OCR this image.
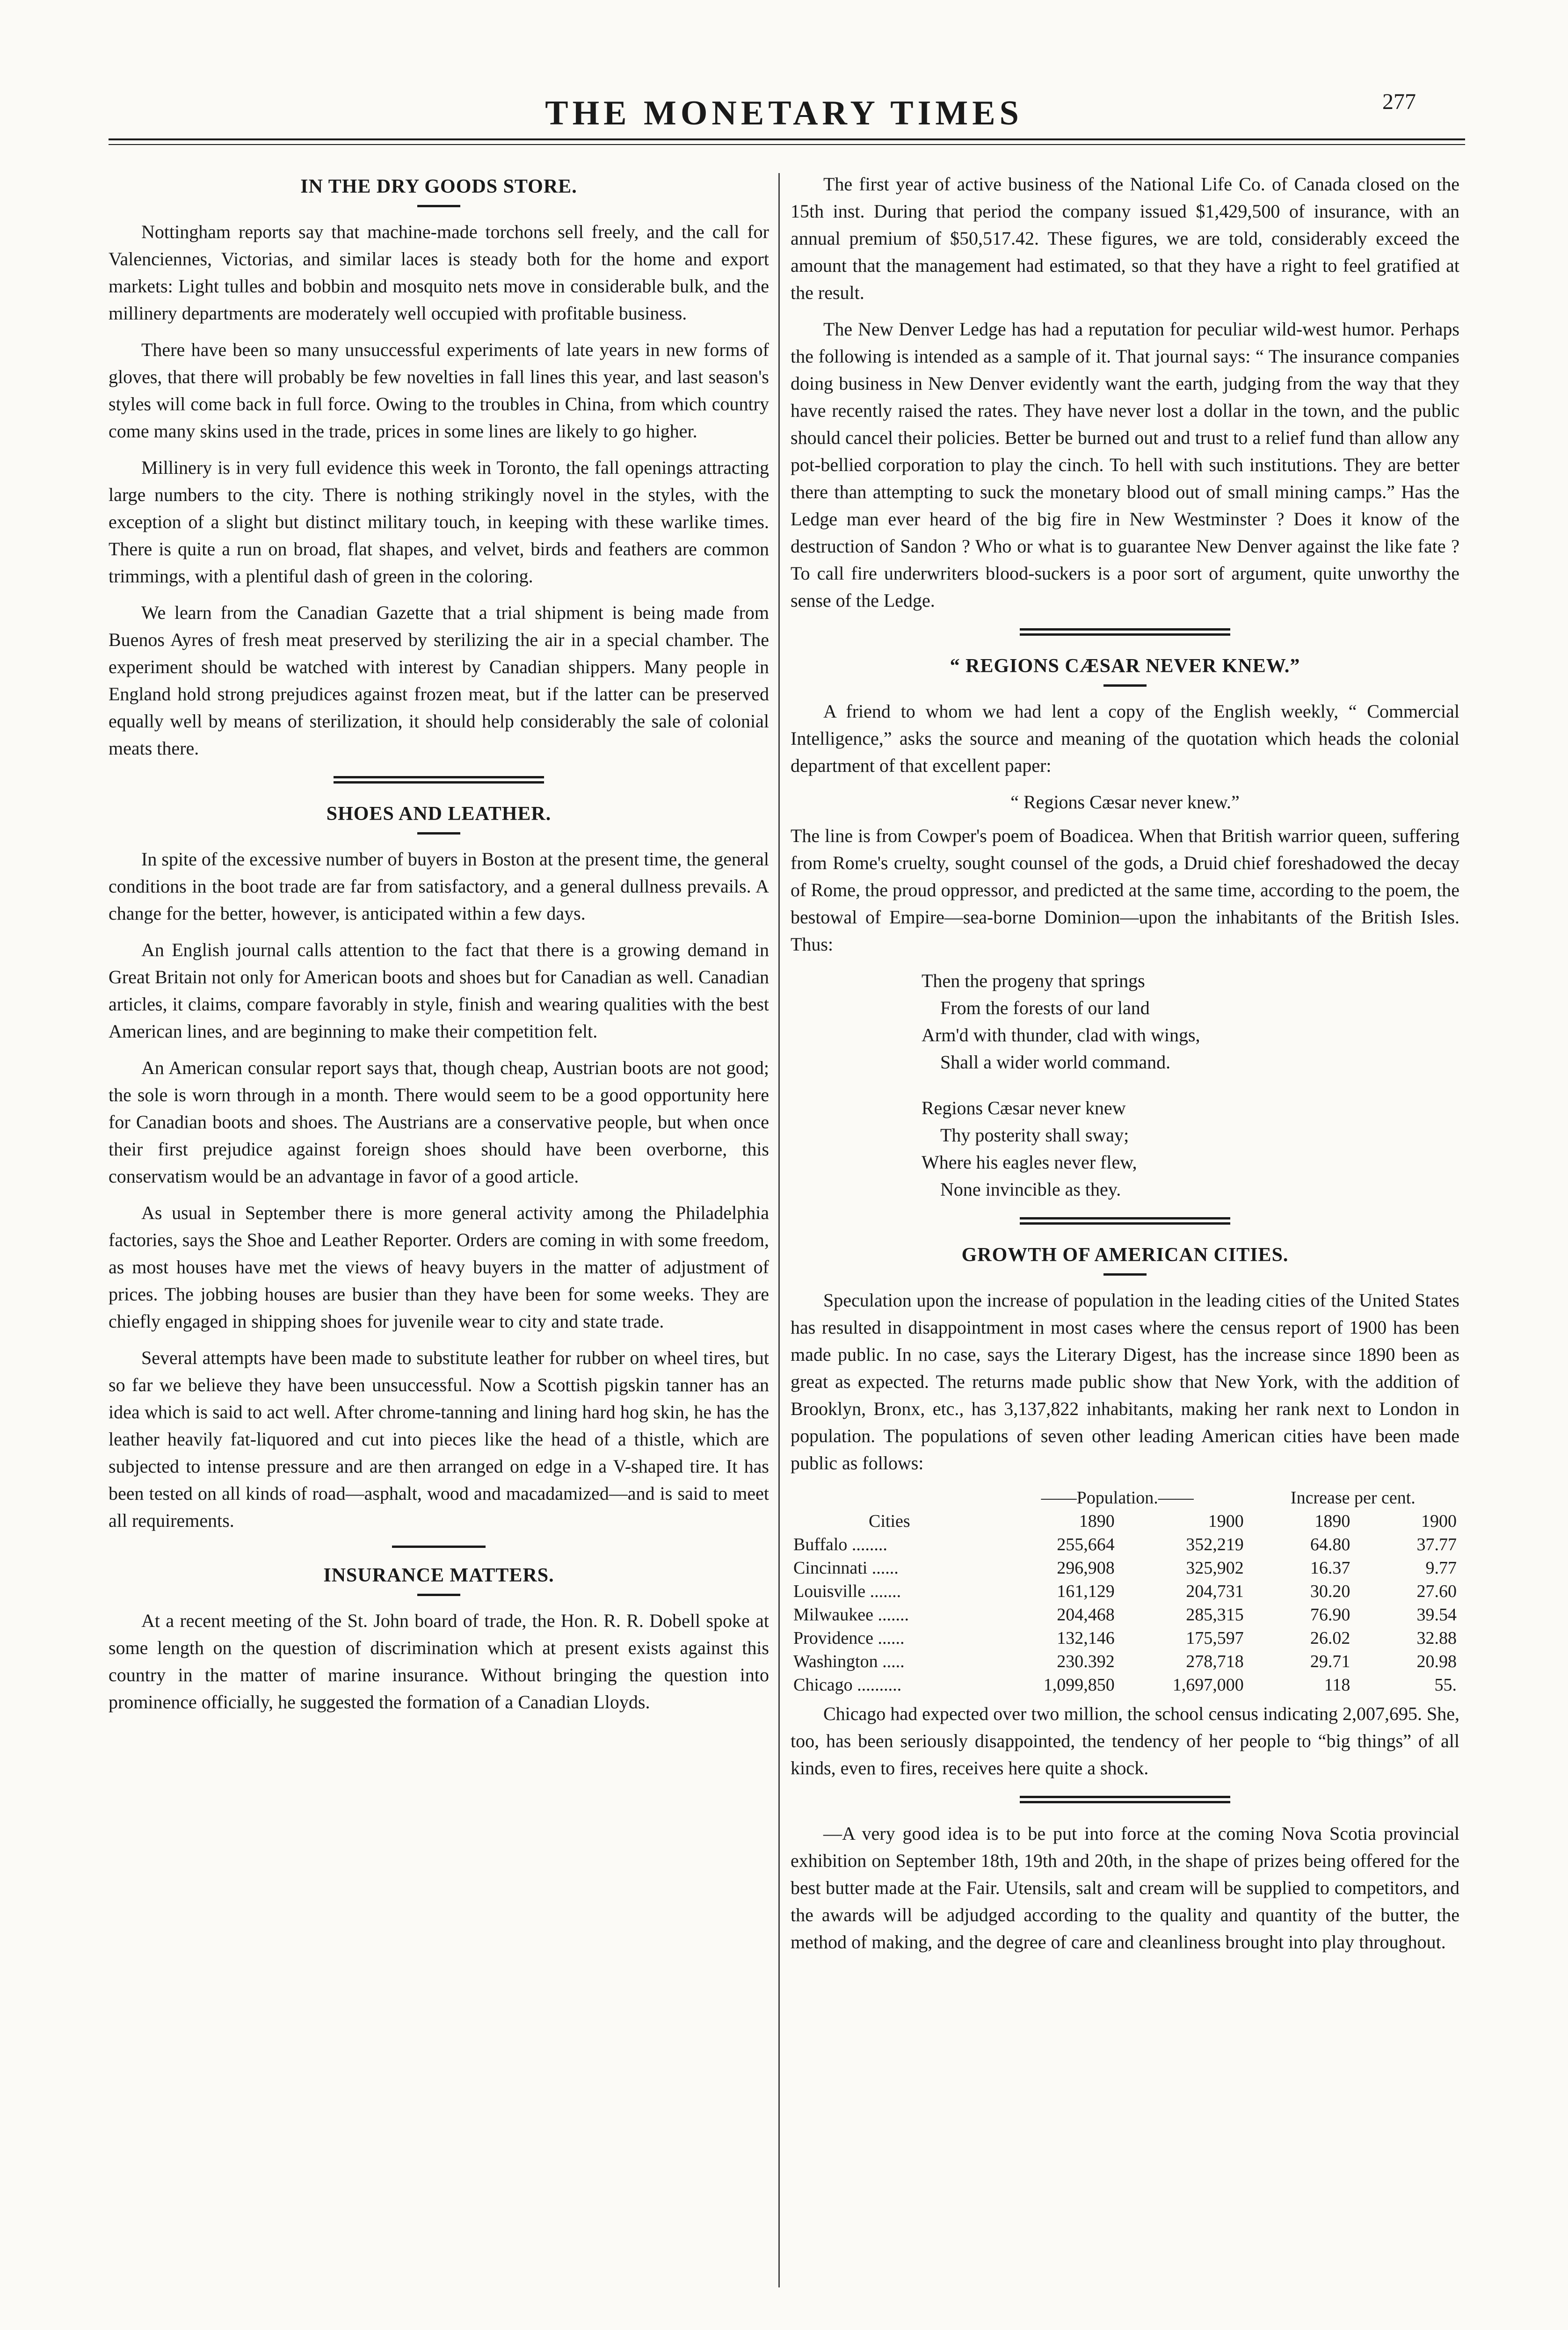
277
THE MONETARY TIMES
IN THE DRY GOODS STORE.

Nottingham reports say that machine-made torchons sell freely, and the call for Valenciennes, Victorias, and similar laces is steady both for the home and export markets: Light tulles and bobbin and mosquito nets move in considerable bulk, and the millinery departments are moderately well occupied with profitable business.

There have been so many unsuccessful experiments of late years in new forms of gloves, that there will probably be few novelties in fall lines this year, and last season's styles will come back in full force. Owing to the troubles in China, from which country come many skins used in the trade, prices in some lines are likely to go higher.

Millinery is in very full evidence this week in Toronto, the fall openings attracting large numbers to the city. There is nothing strikingly novel in the styles, with the exception of a slight but distinct military touch, in keeping with these warlike times. There is quite a run on broad, flat shapes, and velvet, birds and feathers are common trimmings, with a plentiful dash of green in the coloring.

We learn from the Canadian Gazette that a trial shipment is being made from Buenos Ayres of fresh meat preserved by sterilizing the air in a special chamber. The experiment should be watched with interest by Canadian shippers. Many people in England hold strong prejudices against frozen meat, but if the latter can be preserved equally well by means of sterilization, it should help considerably the sale of colonial meats there.

SHOES AND LEATHER.

In spite of the excessive number of buyers in Boston at the present time, the general conditions in the boot trade are far from satisfactory, and a general dullness prevails. A change for the better, however, is anticipated within a few days.

An English journal calls attention to the fact that there is a growing demand in Great Britain not only for American boots and shoes but for Canadian as well. Canadian articles, it claims, compare favorably in style, finish and wearing qualities with the best American lines, and are beginning to make their competition felt.

An American consular report says that, though cheap, Austrian boots are not good; the sole is worn through in a month. There would seem to be a good opportunity here for Canadian boots and shoes. The Austrians are a conservative people, but when once their first prejudice against foreign shoes should have been overborne, this conservatism would be an advantage in favor of a good article.

As usual in September there is more general activity among the Philadelphia factories, says the Shoe and Leather Reporter. Orders are coming in with some freedom, as most houses have met the views of heavy buyers in the matter of adjustment of prices. The jobbing houses are busier than they have been for some weeks. They are chiefly engaged in shipping shoes for juvenile wear to city and state trade.

Several attempts have been made to substitute leather for rubber on wheel tires, but so far we believe they have been unsuccessful. Now a Scottish pigskin tanner has an idea which is said to act well. After chrome-tanning and lining hard hog skin, he has the leather heavily fat-liquored and cut into pieces like the head of a thistle, which are subjected to intense pressure and are then arranged on edge in a V-shaped tire. It has been tested on all kinds of road—asphalt, wood and macadamized—and is said to meet all requirements.

INSURANCE MATTERS.

At a recent meeting of the St. John board of trade, the Hon. R. R. Dobell spoke at some length on the question of discrimination which at present exists against this country in the matter of marine insurance. Without bringing the question into prominence officially, he suggested the formation of a Canadian Lloyds.

The first year of active business of the National Life Co. of Canada closed on the 15th inst. During that period the company issued $1,429,500 of insurance, with an annual premium of $50,517.42. These figures, we are told, considerably exceed the amount that the management had estimated, so that they have a right to feel gratified at the result.

The New Denver Ledge has had a reputation for peculiar wild-west humor. Perhaps the following is intended as a sample of it. That journal says: “ The insurance companies doing business in New Denver evidently want the earth, judging from the way that they have recently raised the rates. They have never lost a dollar in the town, and the public should cancel their policies. Better be burned out and trust to a relief fund than allow any pot-bellied corporation to play the cinch. To hell with such institutions. They are better there than attempting to suck the monetary blood out of small mining camps.” Has the Ledge man ever heard of the big fire in New Westminster ? Does it know of the destruction of Sandon ? Who or what is to guarantee New Denver against the like fate ? To call fire underwriters blood-suckers is a poor sort of argument, quite unworthy the sense of the Ledge.

“ REGIONS CÆSAR NEVER KNEW.”

A friend to whom we had lent a copy of the English weekly, “ Commercial Intelligence,” asks the source and meaning of the quotation which heads the colonial department of that excellent paper:

“ Regions Cæsar never knew.”

The line is from Cowper's poem of Boadicea. When that British warrior queen, suffering from Rome's cruelty, sought counsel of the gods, a Druid chief foreshadowed the decay of Rome, the proud oppressor, and predicted at the same time, according to the poem, the bestowal of Empire—sea-borne Dominion—upon the inhabitants of the British Isles. Thus:

Then the progeny that springs
From the forests of our land
Arm'd with thunder, clad with wings,
Shall a wider world command.
Regions Cæsar never knew
Thy posterity shall sway;
Where his eagles never flew,
None invincible as they.
GROWTH OF AMERICAN CITIES.

Speculation upon the increase of population in the leading cities of the United States has resulted in disappointment in most cases where the census report of 1900 has been made public. In no case, says the Literary Digest, has the increase since 1890 been as great as expected. The returns made public show that New York, with the addition of Brooklyn, Bronx, etc., has 3,137,822 inhabitants, making her rank next to London in population. The populations of seven other leading American cities have been made public as follows:

	——Population.——		Increase per cent.	
Cities	1890	1900	1890	1900
Buffalo ........	255,664	352,219	64.80	37.77
Cincinnati ......	296,908	325,902	16.37	9.77
Louisville .......	161,129	204,731	30.20	27.60
Milwaukee .......	204,468	285,315	76.90	39.54
Providence ......	132,146	175,597	26.02	32.88
Washington .....	230.392	278,718	29.71	20.98
Chicago ..........	1,099,850	1,697,000	118	55.

Chicago had expected over two million, the school census indicating 2,007,695. She, too, has been seriously disappointed, the tendency of her people to “big things” of all kinds, even to fires, receives here quite a shock.

—A very good idea is to be put into force at the coming Nova Scotia provincial exhibition on September 18th, 19th and 20th, in the shape of prizes being offered for the best butter made at the Fair. Utensils, salt and cream will be supplied to competitors, and the awards will be adjudged according to the quality and quantity of the butter, the method of making, and the degree of care and cleanliness brought into play throughout.
